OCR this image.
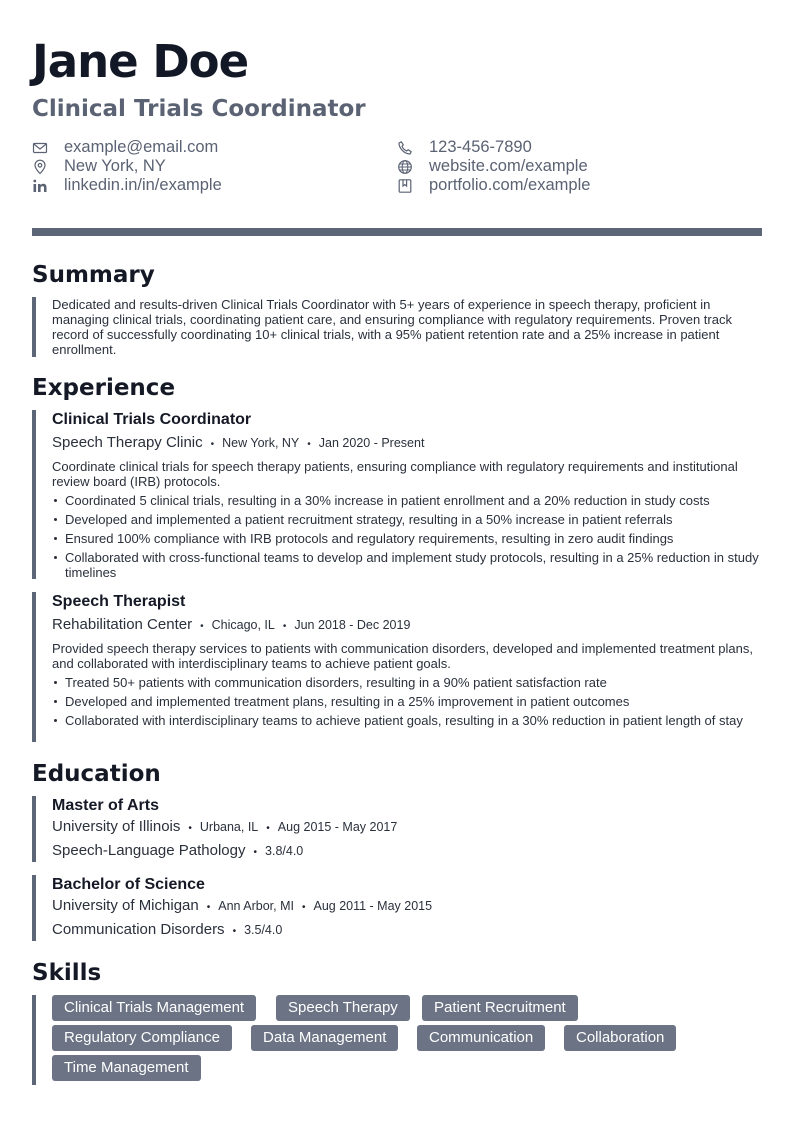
Jane Doe
Clinical Trials Coordinator
example@email.com
New York, NY
linkedin.in/in/example
123-456-7890
website.com/example
portfolio.com/example
Summary

Dedicated and results-driven Clinical Trials Coordinator with 5+ years of experience in speech therapy, proficient in managing clinical trials, coordinating patient care, and ensuring compliance with regulatory requirements. Proven track record of successfully coordinating 10+ clinical trials, with a 95% patient retention rate and a 25% increase in patient enrollment.

Experience

Clinical Trials Coordinator

Speech Therapy Clinic • New York, NY • Jan 2020 - Present

Coordinate clinical trials for speech therapy patients, ensuring compliance with regulatory requirements and institutional review board (IRB) protocols.

Coordinated 5 clinical trials, resulting in a 30% increase in patient enrollment and a 20% reduction in study costs
Developed and implemented a patient recruitment strategy, resulting in a 50% increase in patient referrals
Ensured 100% compliance with IRB protocols and regulatory requirements, resulting in zero audit findings
Collaborated with cross-functional teams to develop and implement study protocols, resulting in a 25% reduction in study timelines

Speech Therapist

Rehabilitation Center • Chicago, IL • Jun 2018 - Dec 2019

Provided speech therapy services to patients with communication disorders, developed and implemented treatment plans, and collaborated with interdisciplinary teams to achieve patient goals.

Treated 50+ patients with communication disorders, resulting in a 90% patient satisfaction rate
Developed and implemented treatment plans, resulting in a 25% improvement in patient outcomes
Collaborated with interdisciplinary teams to achieve patient goals, resulting in a 30% reduction in patient length of stay
Education

Master of Arts

University of Illinois • Urbana, IL • Aug 2015 - May 2017
Speech-Language Pathology • 3.8/4.0

Bachelor of Science

University of Michigan • Ann Arbor, MI • Aug 2011 - May 2015
Communication Disorders • 3.5/4.0
Skills
Clinical Trials Management	Speech Therapy	Patient Recruitment
Regulatory Compliance	Data Management	Communication	Collaboration
Time Management
